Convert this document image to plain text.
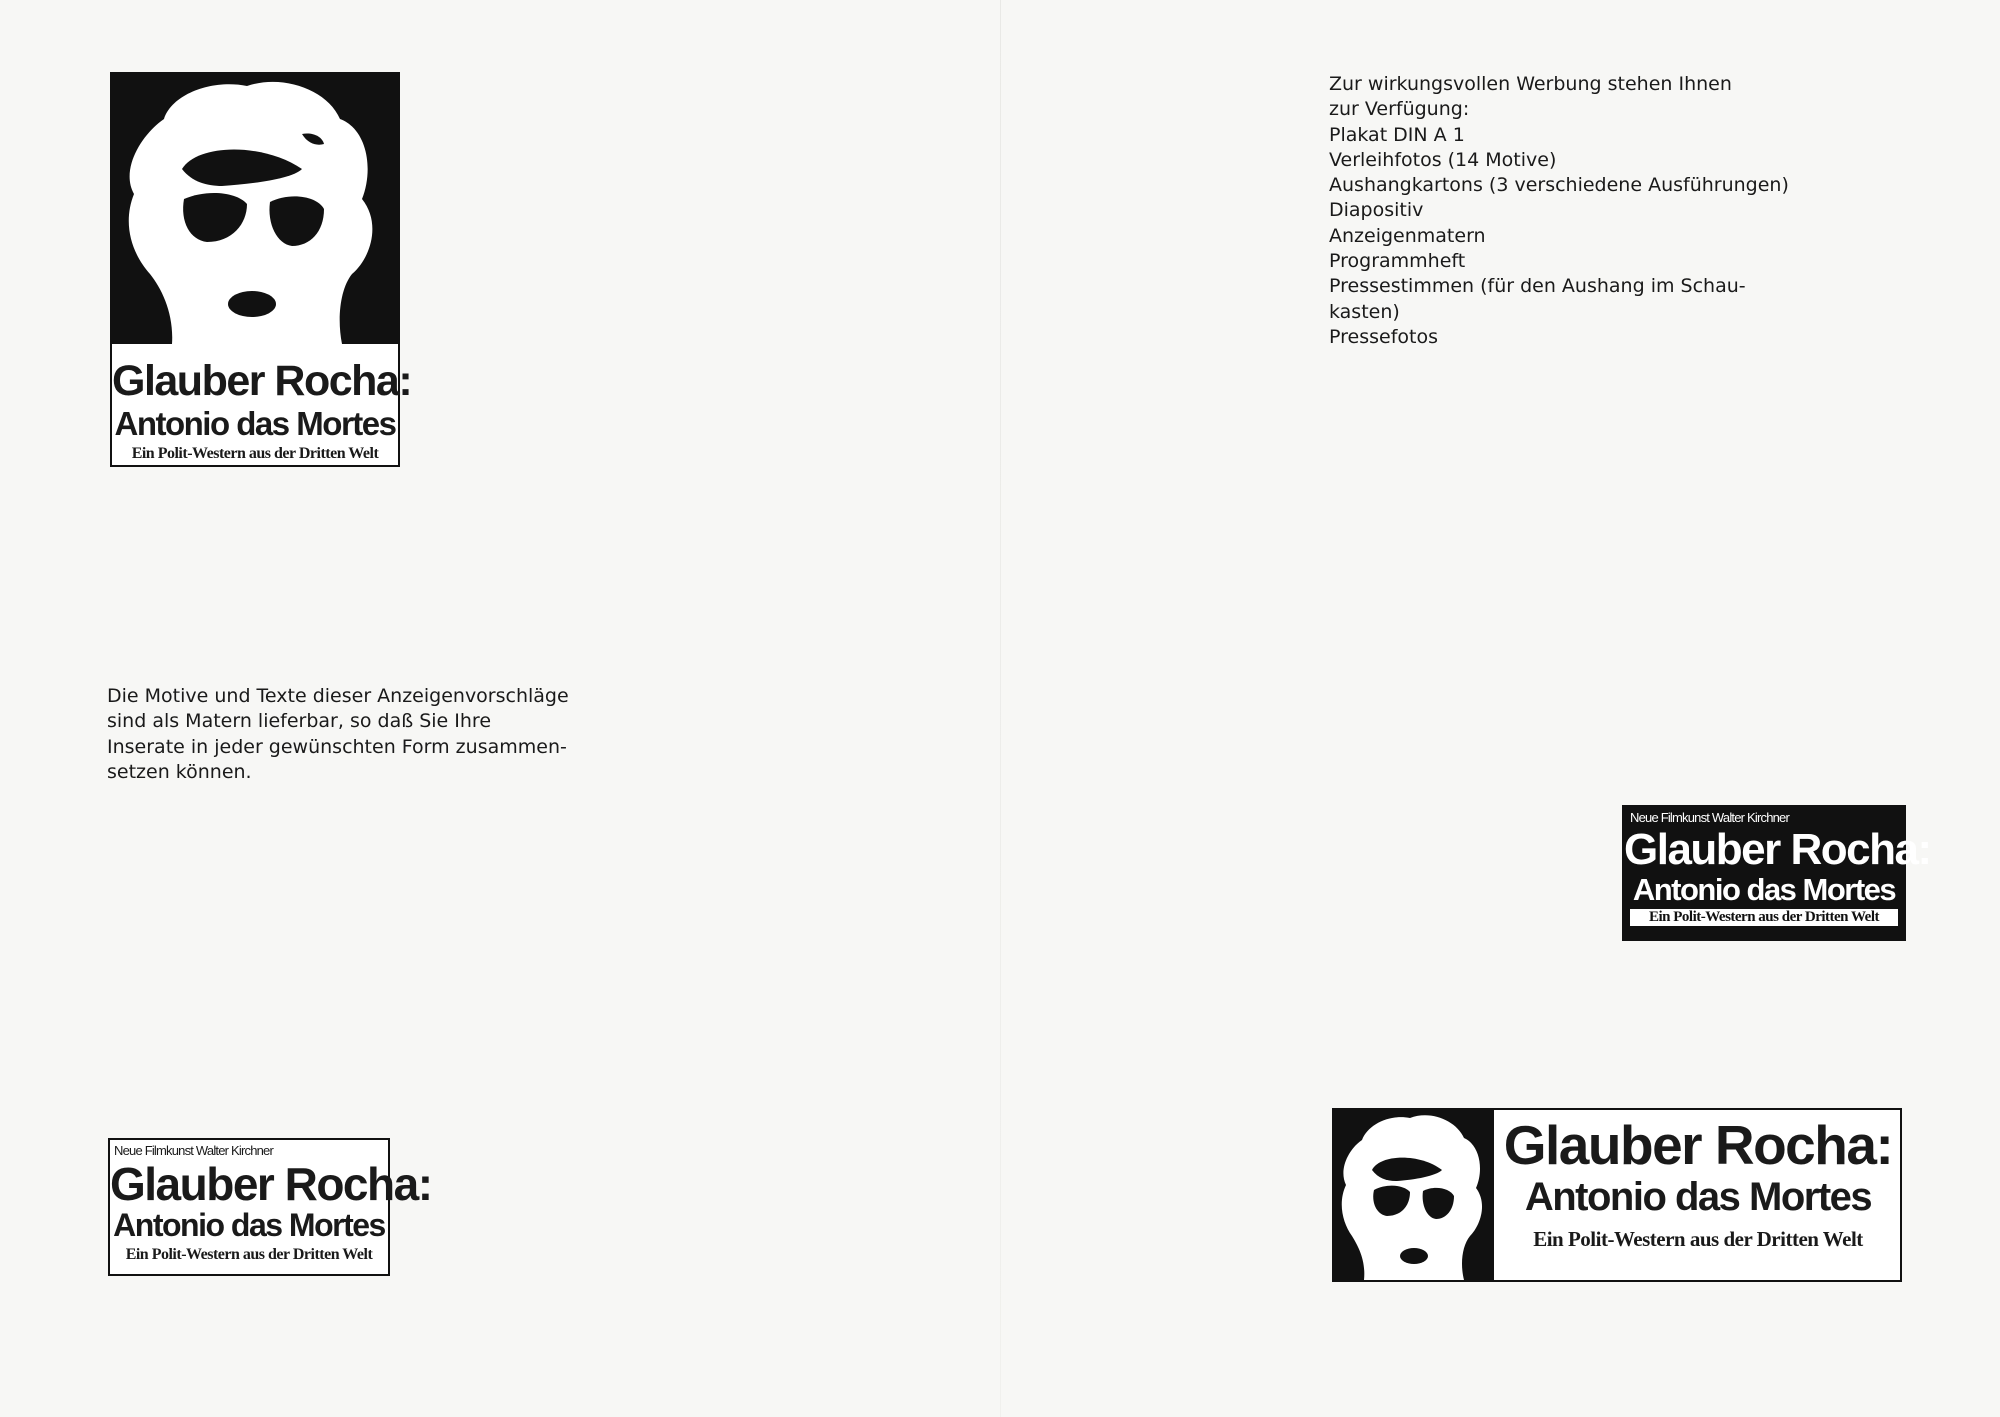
Glauber Rocha:
Antonio das Mortes
Ein Polit-Western aus der Dritten Welt

Die Motive und Texte dieser Anzeigenvorschläge
sind als Matern lieferbar, so daß Sie Ihre
Inserate in jeder gewünschten Form zusammen-
setzen können.

Neue Filmkunst Walter Kirchner
Glauber Rocha:
Antonio das Mortes
Ein Polit-Western aus der Dritten Welt
Zur wirkungsvollen Werbung stehen Ihnen
zur Verfügung:
Plakat DIN A 1
Verleihfotos (14 Motive)
Aushangkartons (3 verschiedene Ausführungen)
Diapositiv
Anzeigenmatern
Programmheft
Pressestimmen (für den Aushang im Schau-
kasten)
Pressefotos
Neue Filmkunst Walter Kirchner
Glauber Rocha:
Antonio das Mortes
Ein Polit-Western aus der Dritten Welt
Glauber Rocha:
Antonio das Mortes
Ein Polit-Western aus der Dritten Welt
